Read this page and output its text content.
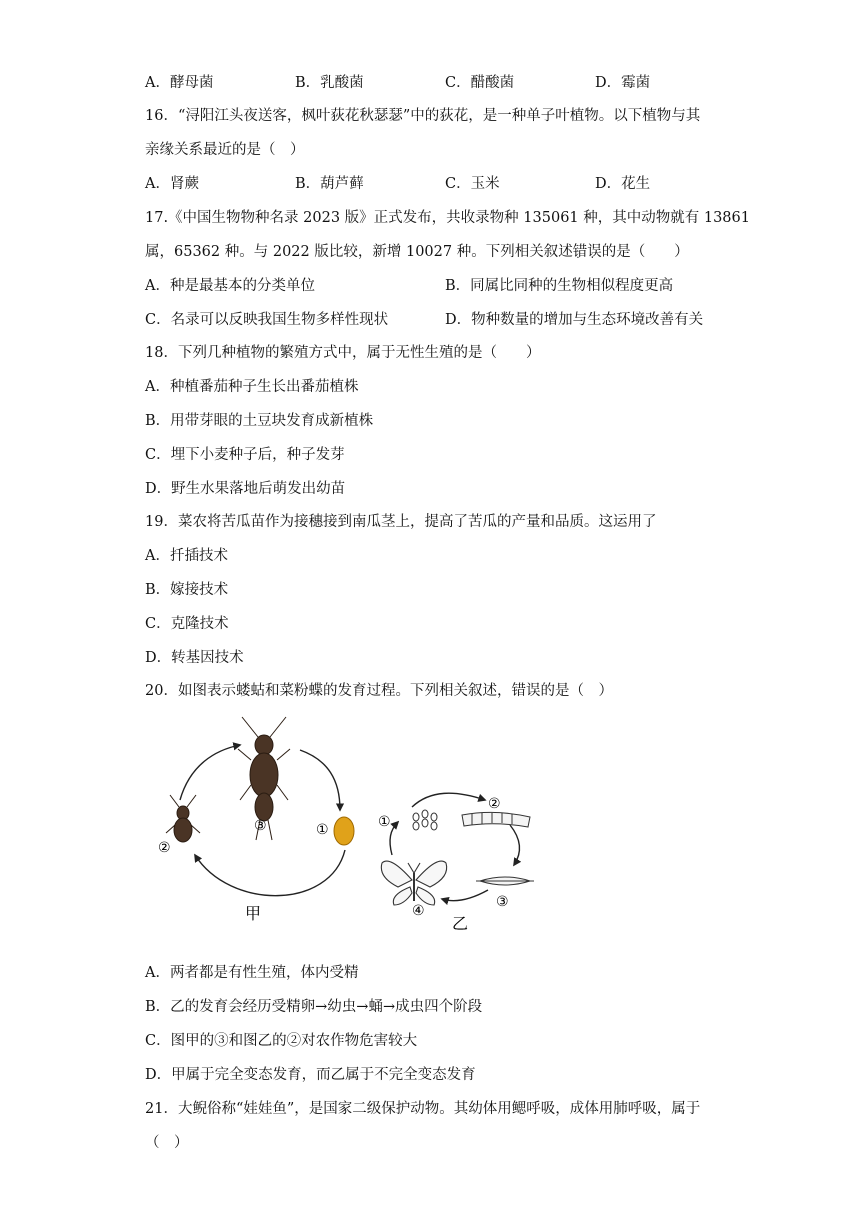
A．酵母菌	B．乳酸菌	C．醋酸菌	D．霉菌
16．“浔阳江头夜送客，枫叶荻花秋瑟瑟”中的荻花，是一种单子叶植物。以下植物与其
亲缘关系最近的是（　）
A．肾蕨	B．葫芦藓	C．玉米	D．花生
17.《中国生物物种名录 2023 版》正式发布，共收录物种 135061 种，其中动物就有 13861
属，65362 种。与 2022 版比较，新增 10027 种。下列相关叙述错误 · ·的是（　　）
A．种是最基本的分类单位	B．同属比同种的生物相似程度更高
C．名录可以反映我国生物多样性现状	D．物种数量的增加与生态环境改善有关
18．下列几种植物的繁殖方式中，属于无性生殖的是（　　）
A．种植番茄种子生长出番茄植株
B．用带芽眼的土豆块发育成新植株
C．埋下小麦种子后，种子发芽
D．野生水果落地后萌发出幼苗
19．菜农将苦瓜苗作为接穗接到南瓜茎上，提高了苦瓜的产量和品质。这运用了
A．扦插技术
B．嫁接技术
C．克隆技术
D．转基因技术
20．如图表示蝼蛄和菜粉蝶的发育过程。下列相关叙述，错误的是（　）
③
②
①
甲
①
②
③
④
乙
A．两者都是有性生殖，体内受精
B．乙的发育会经历受精卵→幼虫→蛹→成虫四个阶段
C．图甲的③和图乙的②对农作物危害较大
D．甲属于完全变态发育，而乙属于不完全变态发育
21．大鲵俗称“娃娃鱼”，是国家二级保护动物。其幼体用鳃呼吸，成体用肺呼吸，属于
（　）
